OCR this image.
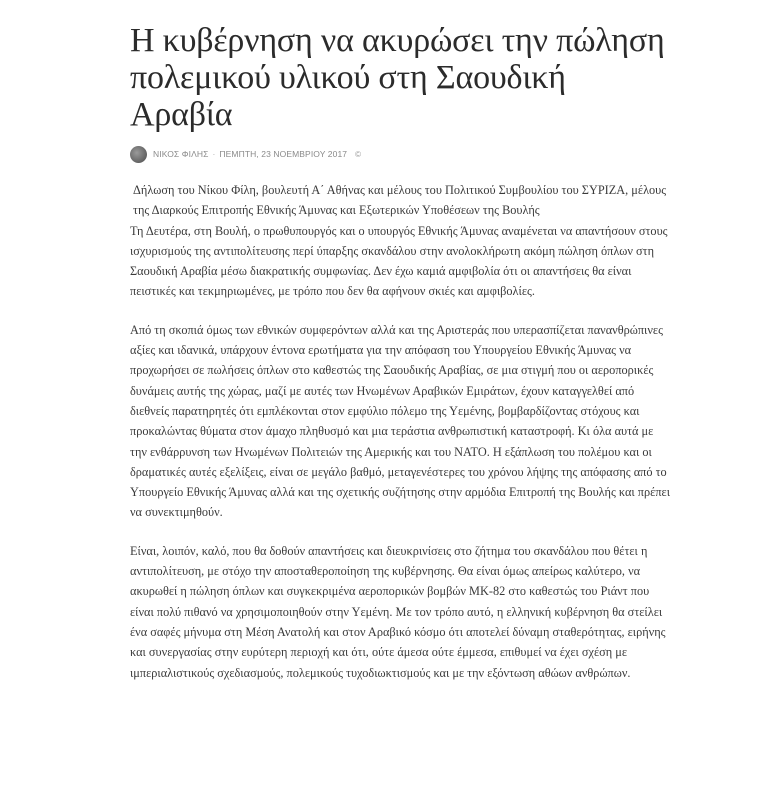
Η κυβέρνηση να ακυρώσει την πώληση πολεμικού υλικού στη Σαουδική Αραβία
ΝΙΚΟΣ ΦΙΛΗΣ · ΠΕΜΠΤΗ, 23 ΝΟΕΜΒΡΙΟΥ 2017 ©

Δήλωση του Νίκου Φίλη, βουλευτή Α΄ Αθήνας και μέλους του Πολιτικού Συμβουλίου του ΣΥΡΙΖΑ, μέλους της Διαρκούς Επιτροπής Εθνικής Άμυνας και Εξωτερικών Υποθέσεων της Βουλής

Τη Δευτέρα, στη Βουλή, ο πρωθυπουργός και ο υπουργός Εθνικής Άμυνας αναμένεται να απαντήσουν στους ισχυρισμούς της αντιπολίτευσης περί ύπαρξης σκανδάλου στην ανολοκλήρωτη ακόμη πώληση όπλων στη Σαουδική Αραβία μέσω διακρατικής συμφωνίας. Δεν έχω καμιά αμφιβολία ότι οι απαντήσεις θα είναι πειστικές και τεκμηριωμένες, με τρόπο που δεν θα αφήνουν σκιές και αμφιβολίες.

Από τη σκοπιά όμως των εθνικών συμφερόντων αλλά και της Αριστεράς που υπερασπίζεται πανανθρώπινες αξίες και ιδανικά, υπάρχουν έντονα ερωτήματα για την απόφαση του Υπουργείου Εθνικής Άμυνας να προχωρήσει σε πωλήσεις όπλων στο καθεστώς της Σαουδικής Αραβίας, σε μια στιγμή που οι αεροπορικές δυνάμεις αυτής της χώρας, μαζί με αυτές των Ηνωμένων Αραβικών Εμιράτων, έχουν καταγγελθεί από διεθνείς παρατηρητές ότι εμπλέκονται στον εμφύλιο πόλεμο της Υεμένης, βομβαρδίζοντας στόχους και προκαλώντας θύματα στον άμαχο πληθυσμό και μια τεράστια ανθρωπιστική καταστροφή. Κι όλα αυτά με την ενθάρρυνση των Ηνωμένων Πολιτειών της Αμερικής και του ΝΑΤΟ. Η εξάπλωση του πολέμου και οι δραματικές αυτές εξελίξεις, είναι σε μεγάλο βαθμό, μεταγενέστερες του χρόνου λήψης της απόφασης από το Υπουργείο Εθνικής Άμυνας αλλά και της σχετικής συζήτησης στην αρμόδια Επιτροπή της Βουλής και πρέπει να συνεκτιμηθούν.

Είναι, λοιπόν, καλό, που θα δοθούν απαντήσεις και διευκρινίσεις στο ζήτημα του σκανδάλου που θέτει η αντιπολίτευση, με στόχο την αποσταθεροποίηση της κυβέρνησης. Θα είναι όμως απείρως καλύτερο, να ακυρωθεί η πώληση όπλων και συγκεκριμένα αεροπορικών βομβών ΜΚ-82 στο καθεστώς του Ριάντ που είναι πολύ πιθανό να χρησιμοποιηθούν στην Υεμένη. Με τον τρόπο αυτό, η ελληνική κυβέρνηση θα στείλει ένα σαφές μήνυμα στη Μέση Ανατολή και στον Αραβικό κόσμο ότι αποτελεί δύναμη σταθερότητας, ειρήνης και συνεργασίας στην ευρύτερη περιοχή και ότι, ούτε άμεσα ούτε έμμεσα, επιθυμεί να έχει σχέση με ιμπεριαλιστικούς σχεδιασμούς, πολεμικούς τυχοδιωκτισμούς και με την εξόντωση αθώων ανθρώπων.
